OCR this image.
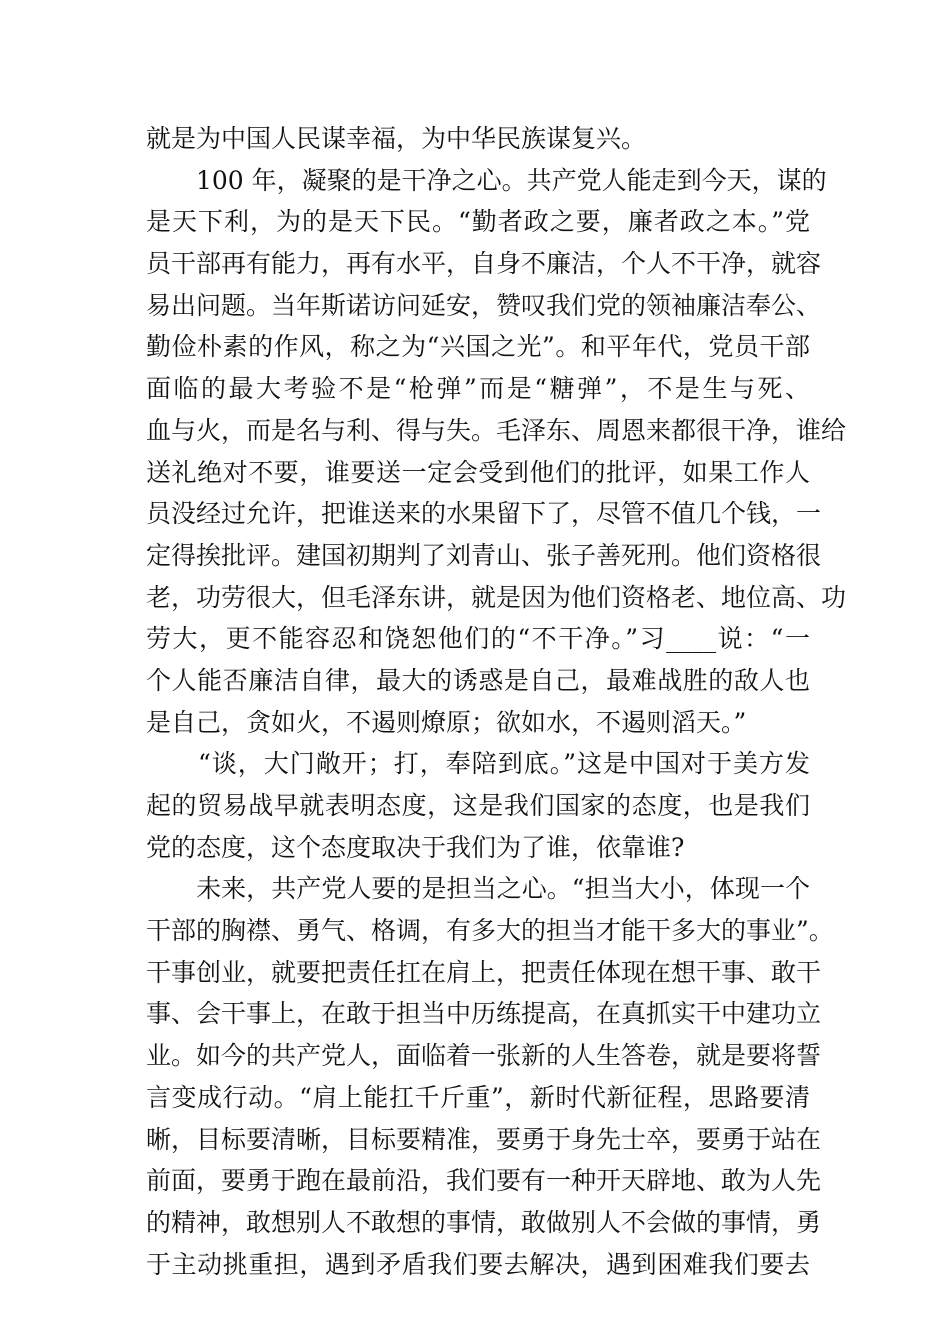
就是为中国人民谋幸福，为中华民族谋复兴。
　　100 年，凝聚的是干净之心。共产党人能走到今天，谋的
是天下利，为的是天下民。“勤者政之要，廉者政之本。”党
员干部再有能力，再有水平，自身不廉洁，个人不干净，就容
易出问题。当年斯诺访问延安，赞叹我们党的领袖廉洁奉公、
勤俭朴素的作风，称之为“兴国之光”。和平年代，党员干部
面临的最大考验不是“枪弹”而是“糖弹”，不是生与死、
血与火，而是名与利、得与失。毛泽东、周恩来都很干净，谁给
送礼绝对不要，谁要送一定会受到他们的批评，如果工作人
员没经过允许，把谁送来的水果留下了，尽管不值几个钱，一
定得挨批评。建国初期判了刘青山、张子善死刑。他们资格很
老，功劳很大，但毛泽东讲，就是因为他们资格老、地位高、功
劳大，更不能容忍和饶恕他们的“不干净。”习____说：“一
个人能否廉洁自律，最大的诱惑是自己，最难战胜的敌人也
是自己，贪如火，不遏则燎原；欲如水，不遏则滔天。”
　　“谈，大门敞开；打，奉陪到底。”这是中国对于美方发
起的贸易战早就表明态度，这是我们国家的态度，也是我们
党的态度，这个态度取决于我们为了谁，依靠谁?
　　未来，共产党人要的是担当之心。“担当大小，体现一个
干部的胸襟、勇气、格调，有多大的担当才能干多大的事业”。
干事创业，就要把责任扛在肩上，把责任体现在想干事、敢干
事、会干事上，在敢于担当中历练提高，在真抓实干中建功立
业。如今的共产党人，面临着一张新的人生答卷，就是要将誓
言变成行动。“肩上能扛千斤重”，新时代新征程，思路要清
晰，目标要清晰，目标要精准，要勇于身先士卒，要勇于站在
前面，要勇于跑在最前沿，我们要有一种开天辟地、敢为人先
的精神，敢想别人不敢想的事情，敢做别人不会做的事情，勇
于主动挑重担，遇到矛盾我们要去解决，遇到困难我们要去
